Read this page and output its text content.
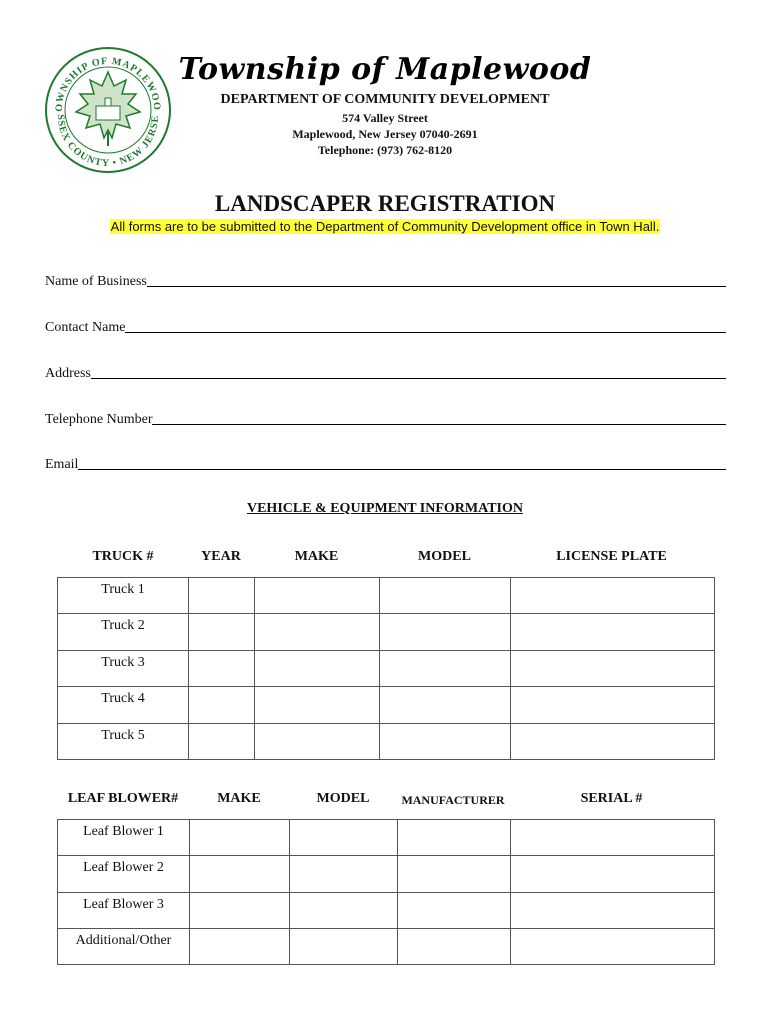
OWNSHIP OF MAPLEWOO
SSEX COUNTY • NEW JERSE
Township of Maplewood
DEPARTMENT OF COMMUNITY DEVELOPMENT
574 Valley Street
Maplewood, New Jersey 07040-2691
Telephone: (973) 762-8120
LANDSCAPER REGISTRATION
All forms are to be submitted to the Department of Community Development office in Town Hall.
Name of Business
Contact Name
Address
Telephone Number
Email
VEHICLE & EQUIPMENT INFORMATION
TRUCK #	YEAR	MAKE	MODEL	LICENSE PLATE
Truck 1				
Truck 2				
Truck 3				
Truck 4				
Truck 5				
LEAF BLOWER#	MAKE	MODEL	MANUFACTURER	SERIAL #
Leaf Blower 1				
Leaf Blower 2				
Leaf Blower 3				
Additional/Other				
